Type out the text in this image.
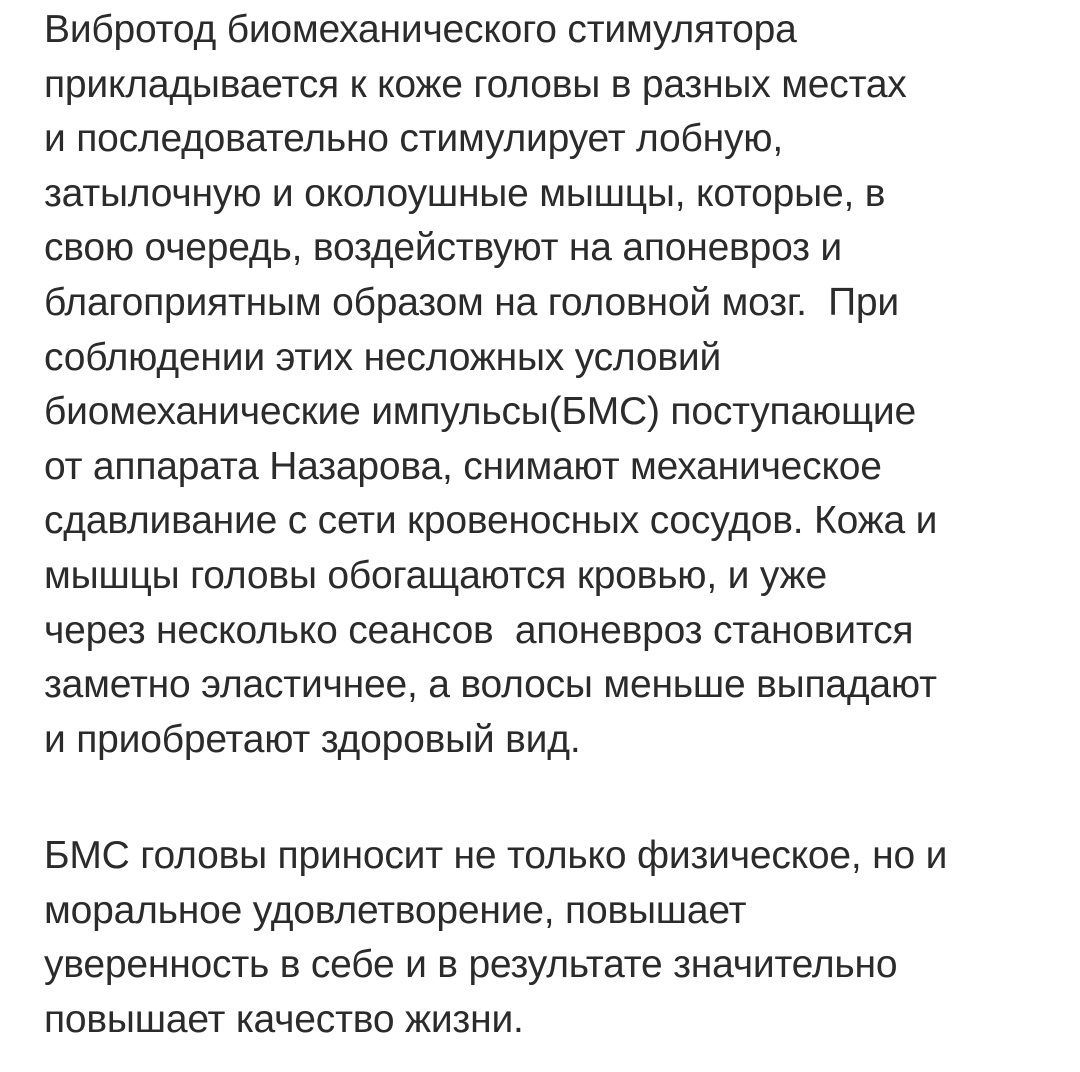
Вибротод биомеханического стимулятора
прикладывается к коже головы в разных местах
и последовательно стимулирует лобную,
затылочную и околоушные мышцы, которые, в
свою очередь, воздействуют на апоневроз и
благоприятным образом на головной мозг.  При
соблюдении этих несложных условий
биомеханические импульсы(БМС) поступающие
от аппарата Назарова, снимают механическое
сдавливание с сети кровеносных сосудов. Кожа и
мышцы головы обогащаются кровью, и уже
через несколько сеансов  апоневроз становится
заметно эластичнее, а волосы меньше выпадают
и приобретают здоровый вид.

БМС головы приносит не только физическое, но и
моральное удовлетворение, повышает
уверенность в себе и в результате значительно
повышает качество жизни.
